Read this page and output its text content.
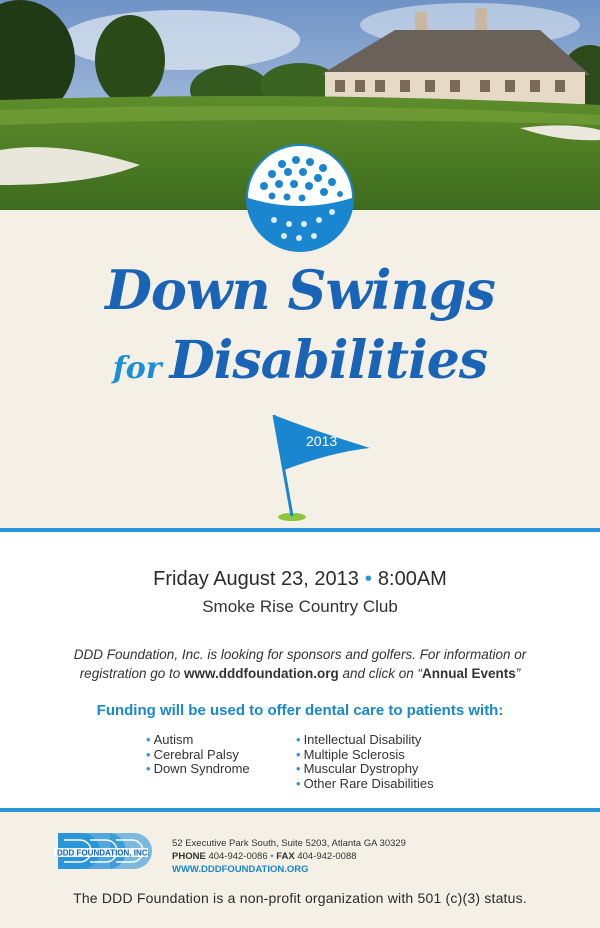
Down Swings
for Disabilities
2013
Friday August 23, 2013 • 8:00AM
Smoke Rise Country Club
DDD Foundation, Inc. is looking for sponsors and golfers. For information or registration go to www.dddfoundation.org and click on “Annual Events”
Funding will be used to offer dental care to patients with:
• Autism
• Cerebral Palsy
• Down Syndrome
• Intellectual Disability
• Multiple Sclerosis
• Muscular Dystrophy
• Other Rare Disabilities
DDD FOUNDATION, INC.
52 Executive Park South, Suite 5203, Atlanta GA 30329
PHONE 404-942-0086 • FAX 404-942-0088
WWW.DDDFOUNDATION.ORG
The DDD Foundation is a non-profit organization with 501 (c)(3) status.
